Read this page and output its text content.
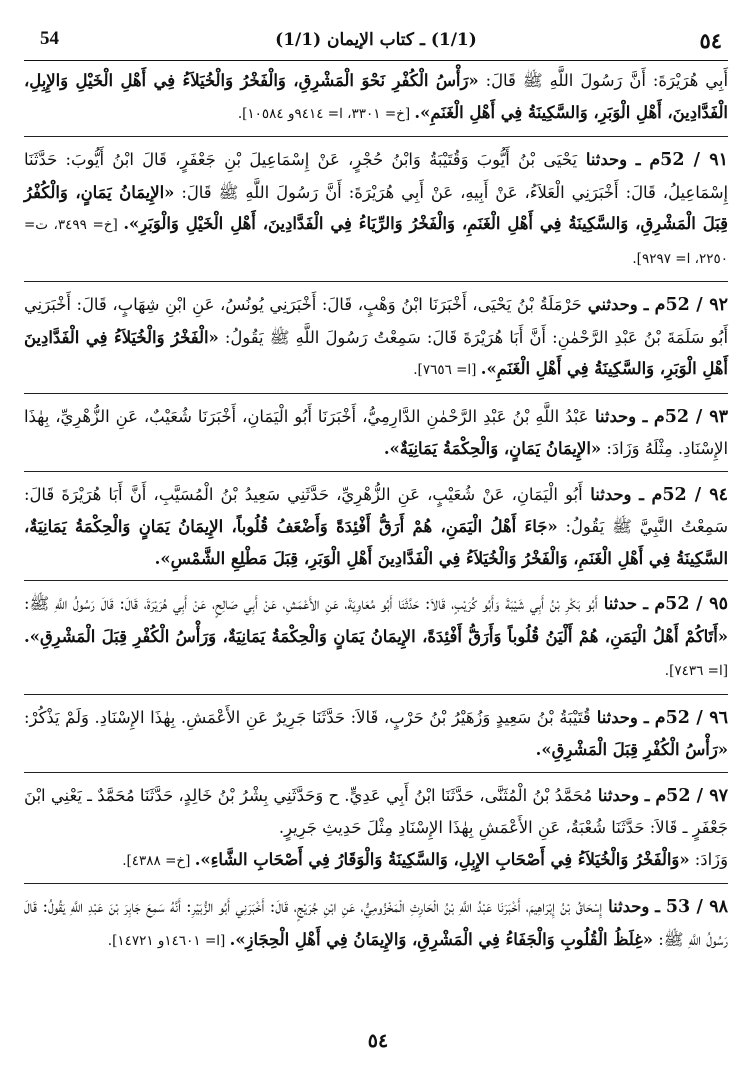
٥٤
(1/1) ـ كتاب الإيمان (1/1)
54

أَبِي هُرَيْرَةَ: أَنَّ رَسُولَ اللَّهِ ﷺ قَالَ: «رَأْسُ الْكُفْرِ نَحْوَ الْمَشْرِقِ، وَالْفَخْرُ وَالْخُيَلاَءُ فِي أَهْلِ الْخَيْلِ وَالإِبِلِ، الْفَدَّادِينَ، أَهْلِ الْوَبَرِ، وَالسَّكِينَةُ فِي أَهْلِ الْغَنَمِ». [خ= ٣٣٠١، ا= ٩٤١٤و ١٠٥٨٤].

٩١ / 52م ـ وحدثنا يَحْيَى بْنُ أَيُّوبَ وَقُتَيْبَةُ وَابْنُ حُجْرٍ، عَنْ إِسْمَاعِيلَ بْنِ جَعْفَرٍ، قَالَ ابْنُ أَيُّوبَ: حَدَّثَنَا إِسْمَاعِيلُ، قَالَ: أَخْبَرَنِي الْعَلاَءُ، عَنْ أَبِيهِ، عَنْ أَبِي هُرَيْرَةَ: أَنَّ رَسُولَ اللَّهِ ﷺ قَالَ: «الإِيمَانُ يَمَانٍ، وَالْكُفْرُ قِبَلَ الْمَشْرِقِ، وَالسَّكِينَةُ فِي أَهْلِ الْغَنَمِ، وَالْفَخْرُ وَالرِّيَاءُ فِي الْفَدَّادِينَ، أَهْلِ الْخَيْلِ وَالْوَبَرِ». [خ= ٣٤٩٩، ت= ٢٢٥٠، ا= ٩٢٩٧].

٩٢ / 52م ـ وحدثني حَرْمَلَةُ بْنُ يَحْيَى، أَخْبَرَنَا ابْنُ وَهْبٍ، قَالَ: أَخْبَرَنِي يُونُسُ، عَنِ ابْنِ شِهَابٍ، قَالَ: أَخْبَرَنِي أَبُو سَلَمَةَ بْنُ عَبْدِ الرَّحْمٰنِ: أَنَّ أَبَا هُرَيْرَةَ قَالَ: سَمِعْتُ رَسُولَ اللَّهِ ﷺ يَقُولُ: «الْفَخْرُ وَالْخُيَلاَءُ فِي الْفَدَّادِينَ أَهْلِ الْوَبَرِ، وَالسَّكِينَةُ فِي أَهْلِ الْغَنَمِ». [ا= ٧٦٥٦].

٩٣ / 52م ـ وحدثنا عَبْدُ اللَّهِ بْنُ عَبْدِ الرَّحْمٰنِ الدَّارِمِيُّ، أَخْبَرَنَا أَبُو الْيَمَانِ، أَخْبَرَنَا شُعَيْبٌ، عَنِ الزُّهْرِيِّ، بِهٰذَا الإِسْنَادِ. مِثْلَهُ وَزَادَ: «الإِيمَانُ يَمَانٍ، وَالْحِكْمَةُ يَمَانِيَةٌ».

٩٤ / 52م ـ وحدثنا أَبُو الْيَمَانِ، عَنْ شُعَيْبٍ، عَنِ الزُّهْرِيِّ، حَدَّثَنِي سَعِيدُ بْنُ الْمُسَيَّبِ، أَنَّ أَبَا هُرَيْرَةَ قَالَ: سَمِعْتُ النَّبِيَّ ﷺ يَقُولُ: «جَاءَ أَهْلُ الْيَمَنِ، هُمْ أَرَقُّ أَفْئِدَةً وَأَضْعَفُ قُلُوباً، الإِيمَانُ يَمَانٍ وَالْحِكْمَةُ يَمَانِيَةٌ، السَّكِينَةُ فِي أَهْلِ الْغَنَمِ، وَالْفَخْرُ وَالْخُيَلاَءُ فِي الْفَدَّادِينَ أَهْلِ الْوَبَرِ، قِبَلَ مَطْلِعِ الشَّمْسِ».

٩٥ / 52م ـ حدثنا أَبُو بَكْرِ بْنُ أَبِي شَيْبَةَ وَأَبُو كُرَيْبٍ، قَالاَ: حَدَّثَنَا أَبُو مُعَاوِيَةَ، عَنِ الأَعْمَشِ، عَنْ أَبِي صَالِحٍ، عَنْ أَبِي هُرَيْرَةَ، قَالَ: قَالَ رَسُولُ اللَّهِ ﷺ: «أَتَاكُمْ أَهْلُ الْيَمَنِ، هُمْ أَلْيَنُ قُلُوباً وَأَرَقُّ أَفْئِدَةً، الإِيمَانُ يَمَانٍ وَالْحِكْمَةُ يَمَانِيَةٌ، وَرَأْسُ الْكُفْرِ قِبَلَ الْمَشْرِقِ». [ا= ٧٤٣٦].

٩٦ / 52م ـ وحدثنا قُتَيْبَةُ بْنُ سَعِيدٍ وَزُهَيْرُ بْنُ حَرْبٍ، قَالاَ: حَدَّثَنَا جَرِيرٌ عَنِ الأَعْمَشِ. بِهٰذَا الإِسْنَادِ. وَلَمْ يَذْكُرْ: «رَأْسُ الْكُفْرِ قِبَلَ الْمَشْرِقِ».

٩٧ / 52م ـ وحدثنا مُحَمَّدُ بْنُ الْمُثَنَّى، حَدَّثَنَا ابْنُ أَبِي عَدِيٍّ. ح وَحَدَّثَنِي بِشْرُ بْنُ خَالِدٍ، حَدَّثَنَا مُحَمَّدٌ ـ يَعْنِي ابْنَ جَعْفَرٍ ـ قَالاَ: حَدَّثَنَا شُعْبَةُ، عَنِ الأَعْمَشِ بِهٰذَا الإِسْنَادِ مِثْلَ حَدِيثِ جَرِيرٍ.

وَزَادَ: «وَالْفَخْرُ وَالْخُيَلاَءُ فِي أَصْحَابِ الإِبِلِ، وَالسَّكِينَةُ وَالْوَقَارُ فِي أَصْحَابِ الشَّاءِ». [خ= ٤٣٨٨].

٩٨ / 53 ـ وحدثنا إِسْحَاقُ بْنُ إِبْرَاهِيمَ، أَخْبَرَنَا عَبْدُ اللَّهِ بْنُ الْحَارِثِ الْمَخْزُومِيُّ، عَنِ ابْنِ جُرَيْجٍ، قَالَ: أَخْبَرَنِي أَبُو الزُّبَيْرِ: أَنَّهُ سَمِعَ جَابِرَ بْنَ عَبْدِ اللَّهِ يَقُولُ: قَالَ رَسُولُ اللَّهِ ﷺ: «غِلَظُ الْقُلُوبِ وَالْجَفَاءُ فِي الْمَشْرِقِ، وَالإِيمَانُ فِي أَهْلِ الْحِجَازِ». [ا= ١٤٦٠١و ١٤٧٢١].

٥٤
